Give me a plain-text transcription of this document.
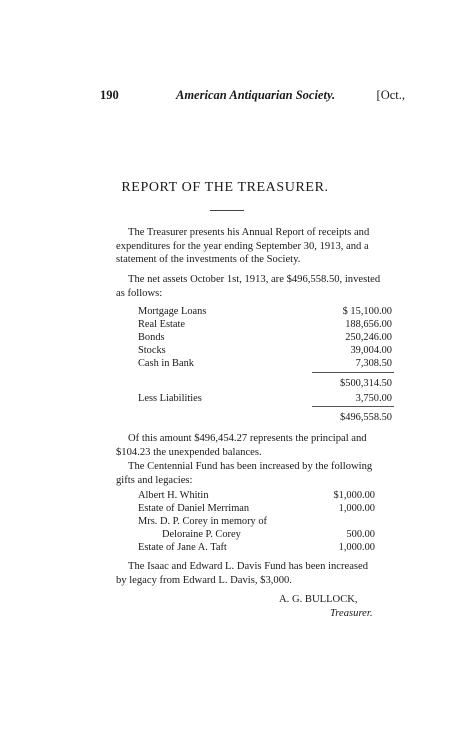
190	American Antiquarian Society.	[Oct.,
REPORT OF THE TREASURER.
The Treasurer presents his Annual Report of receipts and
expenditures for the year ending September 30, 1913, and a
statement of the investments of the Society.
The net assets October 1st, 1913, are $496,558.50, invested
as follows:
Mortgage Loans	$ 15,100.00
Real Estate	188,656.00
Bonds	250,246.00
Stocks	39,004.00
Cash in Bank	7,308.50
$500,314.50
Less Liabilities	3,750.00
$496,558.50
Of this amount $496,454.27 represents the principal and
$104.23 the unexpended balances.
The Centennial Fund has been increased by the following
gifts and legacies:
Albert H. Whitin	$1,000.00
Estate of Daniel Merriman	1,000.00
Mrs. D. P. Corey in memory of
Deloraine P. Corey	500.00
Estate of Jane A. Taft	1,000.00
The Isaac and Edward L. Davis Fund has been increased
by legacy from Edward L. Davis, $3,000.
A. G. BULLOCK,
Treasurer.
